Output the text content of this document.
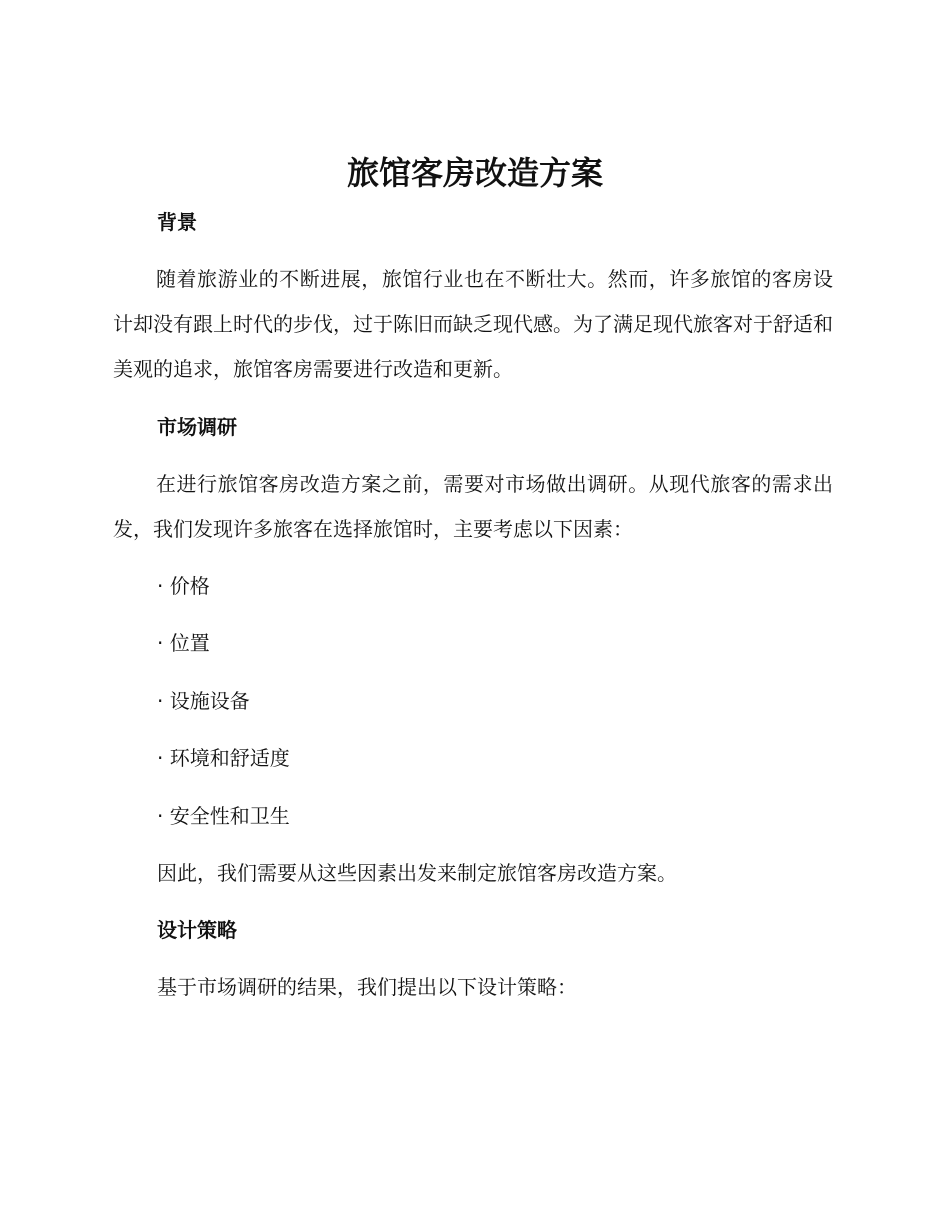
旅馆客房改造方案
背景

随着旅游业的不断进展，旅馆行业也在不断壮大。然而，许多旅馆的客房设计却没有跟上时代的步伐，过于陈旧而缺乏现代感。为了满足现代旅客对于舒适和美观的追求，旅馆客房需要进行改造和更新。

市场调研

在进行旅馆客房改造方案之前，需要对市场做出调研。从现代旅客的需求出发，我们发现许多旅客在选择旅馆时，主要考虑以下因素：

· 价格
· 位置
· 设施设备
· 环境和舒适度
· 安全性和卫生
因此，我们需要从这些因素出发来制定旅馆客房改造方案。
设计策略
基于市场调研的结果，我们提出以下设计策略：
